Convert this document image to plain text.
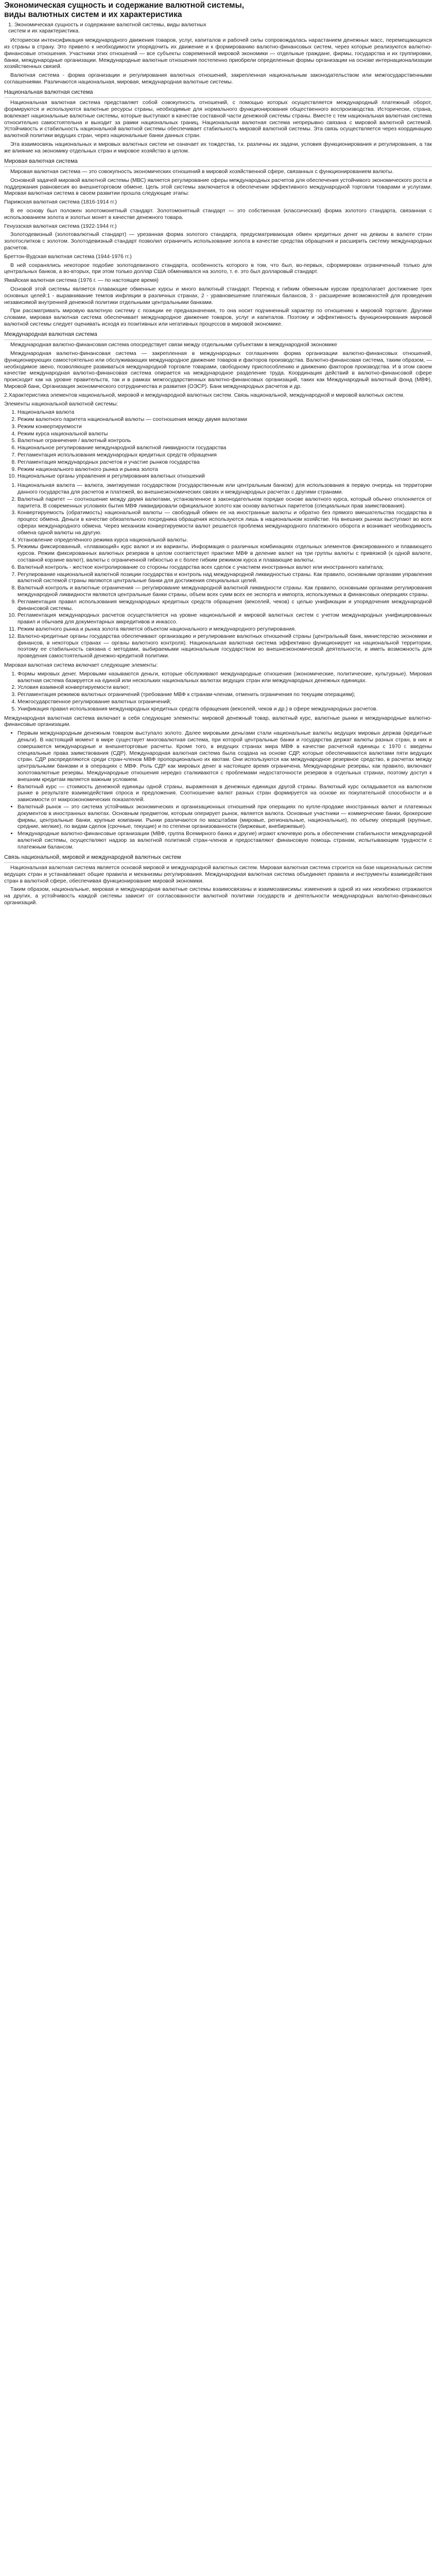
Экономическая сущность и содержание валютной системы,
виды валютных систем и их характеристика
1. Экономическая сущность и содержание валютной системы, виды валютных
систем и их характеристика.

Историески интенсификация международного движения товаров, услуг, капиталов и рабочей силы сопровождалась нарастанием денежных масс, перемещающихся из страны в страну. Это привело к необходимости упорядочить их движение и к формированию валютно-финансовых систем, через которые реализуются валютно-финансовые отношения. Участники этих отношений — все субъекты современной мировой экономики — отдельные граждане, фирмы, государства и их группировки, банки, международные организации. Международные валютные отношения постепенно приобрели определенные формы организации на основе интернационализации хозяйственных связей.

Валютная система - форма организации и регулирования валютных отношений, закрепленная национальным законодательством или межгосударственными соглашениями. Различаются национальная, мировая, международная валютные системы.

Национальная валютная система

Национальная валютная система представляет собой совокупность отношений, с помощью которых осуществляется международный платежный оборот, формируются и используются валютные ресурсы страны, необходимые для нормального функционирования общественного воспроизводства. Исторически, страна, вовлекает национальные валютные системы, которые выступают в качестве составной части денежной системы страны. Вместе с тем национальная валютная система относительно самостоятельна и выходит за рамки национальных границ. Национальная валютная система непрерывно связана с мировой валютной системой. Устойчивость и стабильность национальной валютной системы обеспечивает стабильность мировой валютной системы. Эта связь осуществляется через координацию валютной политики ведущих стран, через национальные банки данных стран.

Эта взаимосвязь национальных и мировых валютных систем не означает их тождества, т.к. различны их задачи, условия функционирования и регулирования, а так же влияние на экономику отдельных стран и мировое хозяйство в целом.

Мировая валютная система

Мировая валютная система — это совокупность экономических отношений в мировой хозяйственной сфере, связанных с функционированием валюты.

Основной задачей мировой валютной системы (МВС) является регулирование сферы международных расчетов для обеспечения устойчивого экономического роста и поддержания равновесия во внешнеторговом обмене. Цель этой системы заключается в обеспечении эффективного международной торговли товарами и услугами. Мировая валютная система в своем развитии прошла следующие этапы:

Парижская валютная система (1816-1914 гг.)

В ее основу был положен золотомонетный стандарт. Золотомонетный стандарт — это собственная (классическая) форма золотого стандарта, связанная с использованием золота и золотых монет в качестве денежного товара.

Генуэзская валютная система (1922-1944 гг.)

Золотодевизный (золотовалютный стандарт) — урезанная форма золотого стандарта, предусматривающая обмен кредитных денег на девизы в валюте стран золотослитков с золотом. Золотодевизный стандарт позволил ограничить использование золота в качестве средства обращения и расширить систему международных расчетов.

Бреттон-Вудская валютная система (1944-1976 гг.)

В ней сохранялись некоторое подобие золотодевизного стандарта, особенность которого в том, что был, во-первых, сформирован ограниченный только для центральных банков, а во-вторых, при этом только доллар США обменивался на золото, т. е. это был долларовый стандарт.

Ямайская валютная система (1976 г. — по настоящее время)

Основой этой системы является плавающие обменные курсы и много валютный стандарт. Переход к гибким обменным курсам предполагает достижение трех основных целей:1 - выравнивание темпов инфляции в различных странах, 2 - уравновешение платежных балансов, 3 - расширение возможностей для проведения независимой внутренней денежной политики отдельными центральными банками.

При рассматривать мировую валютную систему с позиции ее предназначения, то она носит подчиненный характер по отношению к мировой торговле. Другими словами, мировая валютная система обеспечивает международное движение товаров, услуг и капиталов. Поэтому и эффективность функционирования мировой валютной системы следует оценивать исходя из позитивных или негативных процессов в мировой экономике.

Международная валютная система

Международная валютно-финансовая система опосредствует связи между отдельными субъектами в международной экономике

Международная валютно-финансовая система — закрепленная в международных соглашениях форма организации валютно-финансовых отношений, функционирующих самостоятельно или обслуживающих международное движение товаров и факторов производства. Валютно-финансовая система, таким образом, — необходимое звено, позволяющее развиваться международной торговле товарами, свободному приспособлению и движению факторов производства. И в этом своем качестве международная валютно-финансовая система опирается на международное разделение труда. Координация действий в валютно-финансовой сфере происходит как на уровне правительств, так и в рамках межгосударственных валютно-финансовых организаций, таких как Международный валютный фонд (МВФ), Мировой банк, Организация экономического сотрудничества и развития (ОЭСР). Банк международных расчетов и др.

2.Характеристика элементов национальной, мировой и международной валютных систем. Связь национальной, международной и мировой валютных систем.

Элементы национальной валютной системы:

1. Национальная валюта
2. Режим валютного паритета национальной валюты — соотношения между двумя валютами
3. Режим конвертируемости
4. Режим курса национальной валюты
5. Валютные ограничения / валютный контроль
6. Национальное регулирование международной валютной ликвидности государства
7. Регламентация использования международных кредитных средств обращения
8. Регламентация международных расчетов и участие рынков государства
9. Режим национального валютного рынка и рынка золота
10. Национальные органы управления и регулирования валютных отношений
1. Национальная валюта — валюта, эмитируемая государством (государственным или центральным банком) для использования в первую очередь на территории данного государства для расчетов и платежей, во внешнеэкономических связях и международных расчетах с другими странами.
2. Валютный паритет — соотношение между двумя валютами, установленное в законодательном порядке основе валютного курса, который обычно отклоняется от паритета. В современных условиях бытия МВФ ликвидировали официальное золото как основу валютных паритетов (специальных прав заимствования).
3. Конвертируемость (обратимость) национальной валюты — свободный обмен ее на иностранные валюты и обратно без прямого вмешательства государства в процесс обмена. Деньги в качестве обязательного посредника обращения используются лишь в национальном хозяйстве. На внешних рынках выступают во всех сферах международного обмена. Через механизм конвертируемости валют решается проблема международного платежного оборота и возникает необходимость обмена одной валюты на другую.
4. Установление определённого режима курса национальной валюты.
5. Режимы фиксированный, «плавающий» курс валют и их варианты. Информация о различных комбинациях отдельных элементов фиксированного и плавающего курсов. Режим фиксированных валютных резервов в целом соответствует практике МВФ в деление валют на три группы валюты с привязкой (к одной валюте, составной корзине валют), валюты с ограниченной гибкостью и с более гибким режимом курса и плавающие валюты.
6. Валютный контроль - жесткое контролирование со стороны государства всех сделок с участием иностранных валют или иностранного капитала;
7. Регулирование национальной валютной позиции государства и контроль над международной ликвидностью страны. Как правило, основными органами управления валютной системой страны являются центральные банки для достижения специальных целей.
8. Валютный контроль и валютные ограничения — регулирование международной валютной ликвидности страны. Как правило, основными органами регулирования международной ликвидности являются центральные банки страны, объем всех сумм всех ее экспорта и импорта, используемых в финансовых операциях страны.
9. Регламентация правил использования международных кредитных средств обращения (векселей, чеков) с целью унификации и упорядочения международной финансовой системы.
10. Регламентация международных расчетов осуществляется на уровне национальной и мировой валютных систем с учетом международных унифицированных правил и обычаев для документарных аккредитивов и инкассо.
11. Режим валютного рынка и рынка золота является объектом национального и международного регулирования.
12. Валютно-кредитные органы государства обеспечивают организацию и регулирование валютных отношений страны (центральный банк, министерство экономики и финансов, в некоторых странах — органы валютного контроля). Национальная валютная система эффективно функционирует на национальной территории, поэтому ее стабильность связана с методами, выбираемыми национальным государством во внешнеэкономической деятельности, и иметь возможность для проведения самостоятельной денежно-кредитной политики.

Мировая валютная система включает следующие элементы:

1. Формы мировых денег. Мировыми называются деньги, которые обслуживают международные отношения (экономические, политические, культурные). Мировая валютная система базируется на единой или нескольких национальных валютах ведущих стран или международных денежных единицах.
2. Условия взаимной конвертируемости валют;
3. Регламентация режимов валютных ограничений (требование МВФ к странам-членам, отменить ограничения по текущим операциям);
4. Межгосударственное регулирование валютных ограничений;
5. Унификация правил использования международных кредитных средств обращения (векселей, чеков и др.) в сфере международных расчетов.

Международная валютная система включает в себя следующие элементы: мировой денежный товар, валютный курс, валютные рынки и международные валютно-финансовые организации.

• Первым международным денежным товаром выступало золото. Далее мировыми деньгами стали национальные валюты ведущих мировых держав (кредитные деньги). В настоящий момент в мире существует многовалютная система, при которой центральные банки и государства держат валюты разных стран, в них и совершаются международные и внешнеторговые расчеты. Кроме того, в ведущих странах мира МВФ в качестве расчетной единицы с 1970 г. введены специальные права заимствования (СДР). Международная валютная система была создана на основе СДР, которые обеспечиваются валютами пяти ведущих стран. СДР распределяются среди стран-членов МВФ пропорционально их квотам. Они используются как международное резервное средство, в расчетах между центральными банками и в операциях с МВФ. Роль СДР как мировых денег в настоящее время ограничена. Международные резервы, как правило, включают золотовалютные резервы. Международные отношения нередко сталкиваются с проблемами недостаточности резервов в отдельных странах, поэтому доступ к внешним кредитам является важным условием.
• Валютный курс — стоимость денежной единицы одной страны, выраженная в денежных единицах другой страны. Валютный курс складывается на валютном рынке в результате взаимодействия спроса и предложения. Соотношение валют разных стран формируется на основе их покупательной способности и в зависимости от макроэкономических показателей.
• Валютный рынок — это система устойчивых экономических и организационных отношений при операциях по купле-продаже иностранных валют и платежных документов в иностранных валютах. Основным предметом, которым оперирует рынок, является валюта. Основные участники — коммерческие банки, брокерские фирмы, центральные банки, крупные компании. Рынки различаются по масштабам (мировые, региональные, национальные), по объему операций (крупные, средние, мелкие), по видам сделок (срочные, текущие) и по степени организованности (биржевые, внебиржевые).
• Международные валютно-финансовые организации (МВФ, группа Всемирного банка и другие) играют ключевую роль в обеспечении стабильности международной валютной системы, осуществляют надзор за валютной политикой стран-членов и предоставляют финансовую помощь странам, испытывающим трудности с платежным балансом.
Связь национальной, мировой и международной валютных систем

Национальная валютная система является основой мировой и международной валютных систем. Мировая валютная система строится на базе национальных систем ведущих стран и устанавливает общие правила и механизмы регулирования. Международная валютная система объединяет правила и инструменты взаимодействия стран в валютной сфере, обеспечивая функционирование мировой экономики.

Таким образом, национальные, мировая и международная валютные системы взаимосвязаны и взаимозависимы: изменения в одной из них неизбежно отражаются на других, а устойчивость каждой системы зависит от согласованности валютной политики государств и деятельности международных валютно-финансовых организаций.
